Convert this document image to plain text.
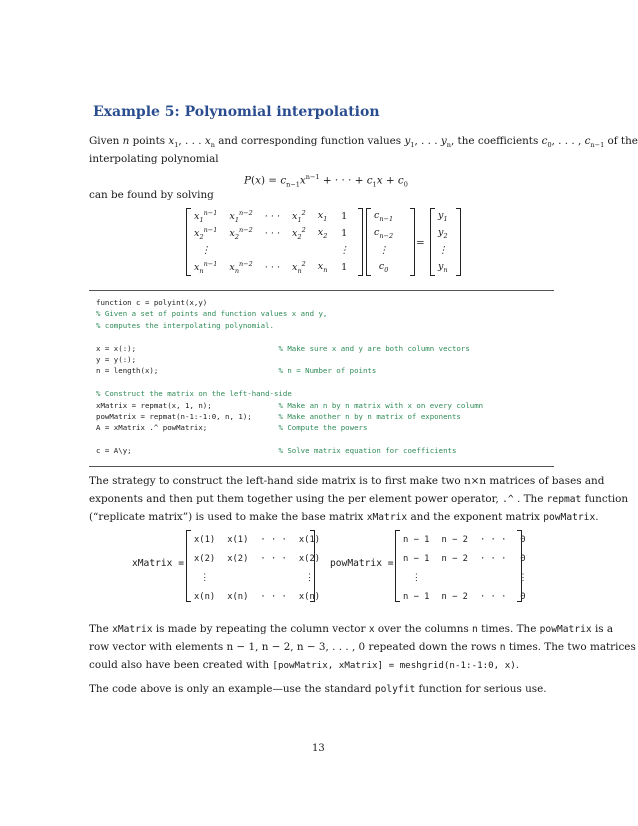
Example 5: Polynomial interpolation
Given n points $x_1$, . . . $x_n$ and corresponding function values $y_1$, . . . $y_n$, the coefficients $c_0$, . . . , $c_{n-1}$ of the
interpolating polynomial
$P(x) = c_{n-1}x^{n-1}$ + · · · + $c_1x + c_0$
can be found by solving
$x_1^{n-1}$	$x_1^{n-2}$	· · ·	$x_1^2$	$x_1$	1
$x_2^{n-1}$	$x_2^{n-2}$	· · ·	$x_2^2$	$x_2$	1
⋮					⋮
$x_n^{n-1}$	$x_n^{n-2}$	· · ·	$x_n^2$	$x_n$	1
$c_{n-1}$
$c_{n-2}$
⋮
$c_0$
=
$y_1$
$y_2$
⋮
$y_n$
function c = polyint(x,y)
% Given a set of points and function values x and y,
% computes the interpolating polynomial.

x = x(:);                                % Make sure x and y are both column vectors
y = y(:);
n = length(x);                           % n = Number of points

% Construct the matrix on the left-hand-side
xMatrix = repmat(x, 1, n);               % Make an n by n matrix with x on every column
powMatrix = repmat(n-1:-1:0, n, 1);      % Make another n by n matrix of exponents
A = xMatrix .^ powMatrix;                % Compute the powers

c = A\y;                                 % Solve matrix equation for coefficients
The strategy to construct the left-hand side matrix is to first make two n×n matrices of bases and
exponents and then put them together using the per element power operator, .^ . The repmat function
(“replicate matrix”) is used to make the base matrix xMatrix and the exponent matrix powMatrix.
xMatrix =
x(1)	x(1)	· · ·	x(1)
x(2)	x(2)	· · ·	x(2)
⋮			⋮
x(n)	x(n)	· · ·	x(n)
powMatrix =
n − 1	n − 2	· · ·	0
n − 1	n − 2	· · ·	0
⋮			⋮
n − 1	n − 2	· · ·	0
The xMatrix is made by repeating the column vector x over the columns n times. The powMatrix is a
row vector with elements n − 1, n − 2, n − 3, . . . , 0 repeated down the rows n times. The two matrices
could also have been created with [powMatrix, xMatrix] = meshgrid(n-1:-1:0, x).
The code above is only an example—use the standard polyfit function for serious use.
13
